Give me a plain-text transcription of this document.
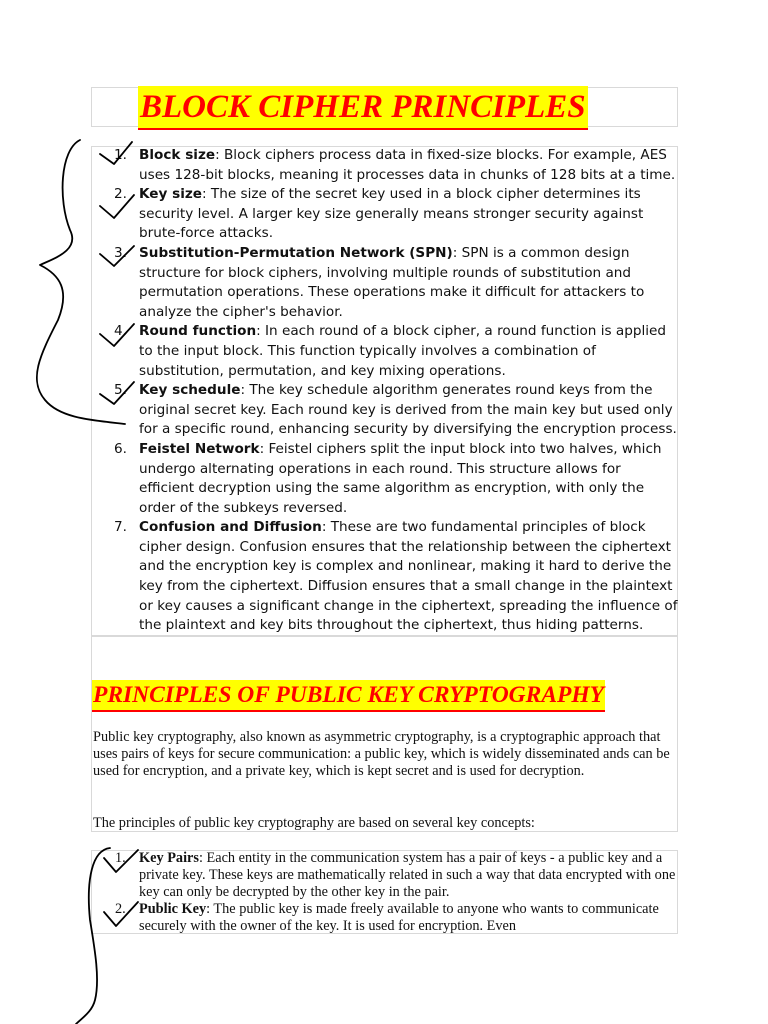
BLOCK CIPHER PRINCIPLES
1. Block size: Block ciphers process data in fixed-size blocks. For example, AES uses 128-bit blocks, meaning it processes data in chunks of 128 bits at a time.
2. Key size: The size of the secret key used in a block cipher determines its security level. A larger key size generally means stronger security against brute-force attacks.
3. Substitution-Permutation Network (SPN): SPN is a common design structure for block ciphers, involving multiple rounds of substitution and permutation operations. These operations make it difficult for attackers to analyze the cipher's behavior.
4. Round function: In each round of a block cipher, a round function is applied to the input block. This function typically involves a combination of substitution, permutation, and key mixing operations.
5. Key schedule: The key schedule algorithm generates round keys from the original secret key. Each round key is derived from the main key but used only for a specific round, enhancing security by diversifying the encryption process.
6. Feistel Network: Feistel ciphers split the input block into two halves, which undergo alternating operations in each round. This structure allows for efficient decryption using the same algorithm as encryption, with only the order of the subkeys reversed.
7. Confusion and Diffusion: These are two fundamental principles of block cipher design. Confusion ensures that the relationship between the ciphertext and the encryption key is complex and nonlinear, making it hard to derive the key from the ciphertext. Diffusion ensures that a small change in the plaintext or key causes a significant change in the ciphertext, spreading the influence of the plaintext and key bits throughout the ciphertext, thus hiding patterns.
PRINCIPLES OF PUBLIC KEY CRYPTOGRAPHY

Public key cryptography, also known as asymmetric cryptography, is a cryptographic approach that uses pairs of keys for secure communication: a public key, which is widely disseminated ands can be used for encryption, and a private key, which is kept secret and is used for decryption.

The principles of public key cryptography are based on several key concepts:

1. Key Pairs: Each entity in the communication system has a pair of keys - a public key and a private key. These keys are mathematically related in such a way that data encrypted with one key can only be decrypted by the other key in the pair.
2. Public Key: The public key is made freely available to anyone who wants to communicate securely with the owner of the key. It is used for encryption. Even
